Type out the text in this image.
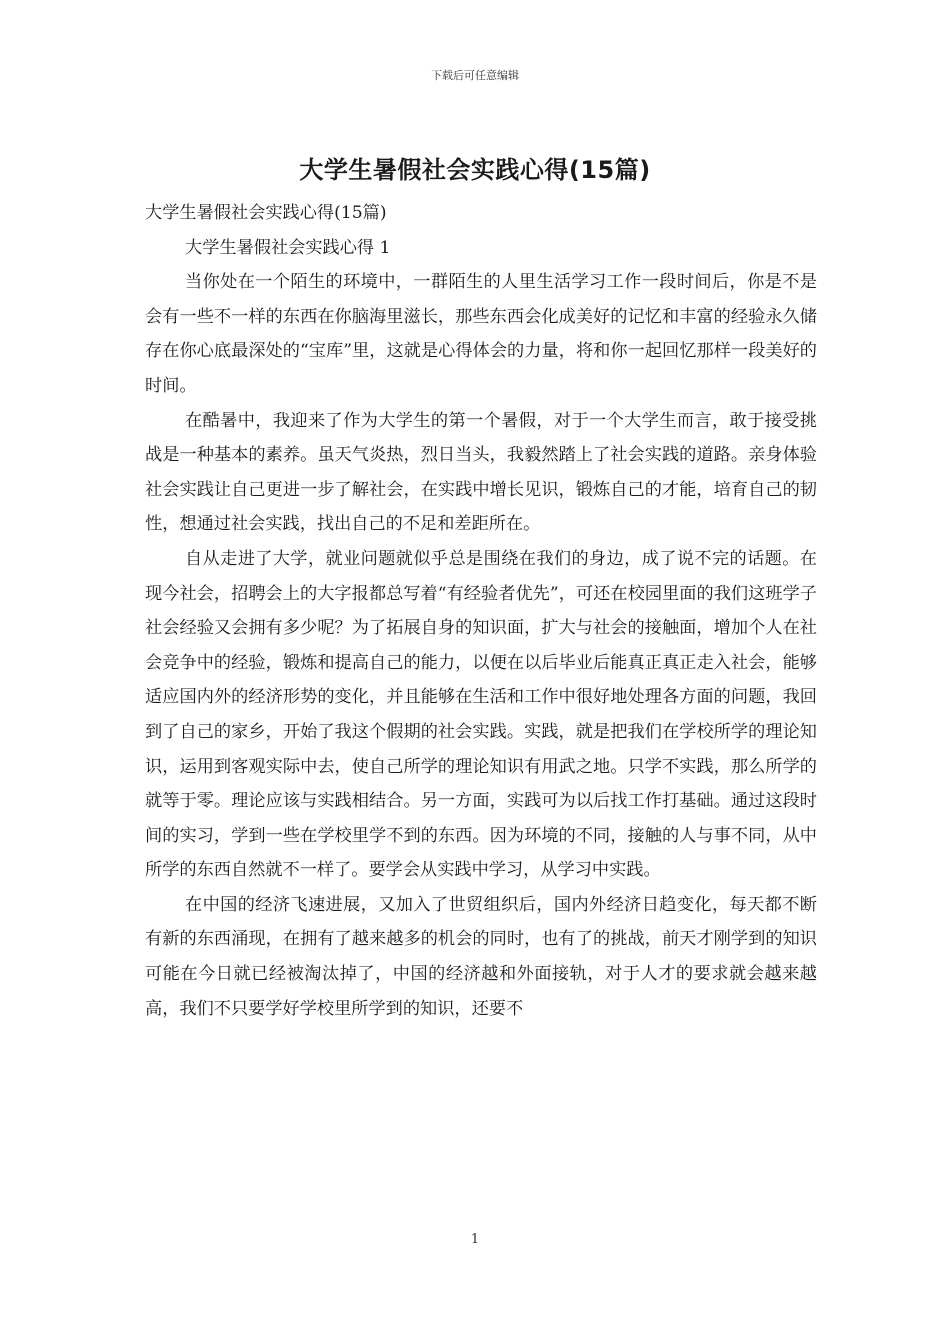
下载后可任意编辑
大学生暑假社会实践心得(15篇)

大学生暑假社会实践心得(15篇)

大学生暑假社会实践心得 1

当你处在一个陌生的环境中，一群陌生的人里生活学习工作一段时间后，你是不是会有一些不一样的东西在你脑海里滋长，那些东西会化成美好的记忆和丰富的经验永久储存在你心底最深处的“宝库”里，这就是心得体会的力量，将和你一起回忆那样一段美好的时间。

在酷暑中，我迎来了作为大学生的第一个暑假，对于一个大学生而言，敢于接受挑战是一种基本的素养。虽天气炎热，烈日当头，我毅然踏上了社会实践的道路。亲身体验社会实践让自己更进一步了解社会，在实践中增长见识，锻炼自己的才能，培育自己的韧性，想通过社会实践，找出自己的不足和差距所在。

自从走进了大学，就业问题就似乎总是围绕在我们的身边，成了说不完的话题。在现今社会，招聘会上的大字报都总写着“有经验者优先”，可还在校园里面的我们这班学子社会经验又会拥有多少呢？为了拓展自身的知识面，扩大与社会的接触面，增加个人在社会竞争中的经验，锻炼和提高自己的能力，以便在以后毕业后能真正真正走入社会，能够适应国内外的经济形势的变化，并且能够在生活和工作中很好地处理各方面的问题，我回到了自己的家乡，开始了我这个假期的社会实践。实践，就是把我们在学校所学的理论知识，运用到客观实际中去，使自己所学的理论知识有用武之地。只学不实践，那么所学的就等于零。理论应该与实践相结合。另一方面，实践可为以后找工作打基础。通过这段时间的实习，学到一些在学校里学不到的东西。因为环境的不同，接触的人与事不同，从中所学的东西自然就不一样了。要学会从实践中学习，从学习中实践。

在中国的经济飞速进展，又加入了世贸组织后，国内外经济日趋变化，每天都不断有新的东西涌现，在拥有了越来越多的机会的同时，也有了的挑战，前天才刚学到的知识可能在今日就已经被淘汰掉了，中国的经济越和外面接轨，对于人才的要求就会越来越高，我们不只要学好学校里所学到的知识，还要不

1
